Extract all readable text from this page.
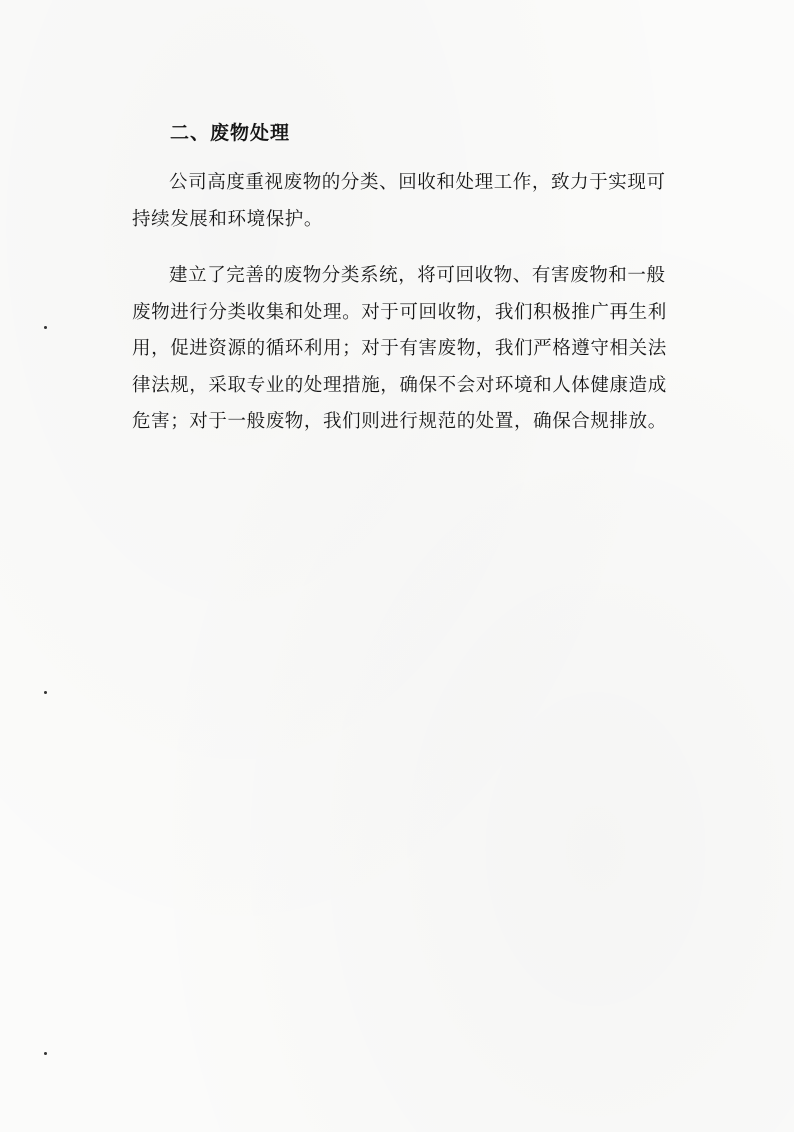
二、废物处理

公司高度重视废物的分类、回收和处理工作，致力于实现可持续发展和环境保护。

建立了完善的废物分类系统，将可回收物、有害废物和一般废物进行分类收集和处理。对于可回收物，我们积极推广再生利用，促进资源的循环利用；对于有害废物，我们严格遵守相关法律法规，采取专业的处理措施，确保不会对环境和人体健康造成危害；对于一般废物，我们则进行规范的处置，确保合规排放。
